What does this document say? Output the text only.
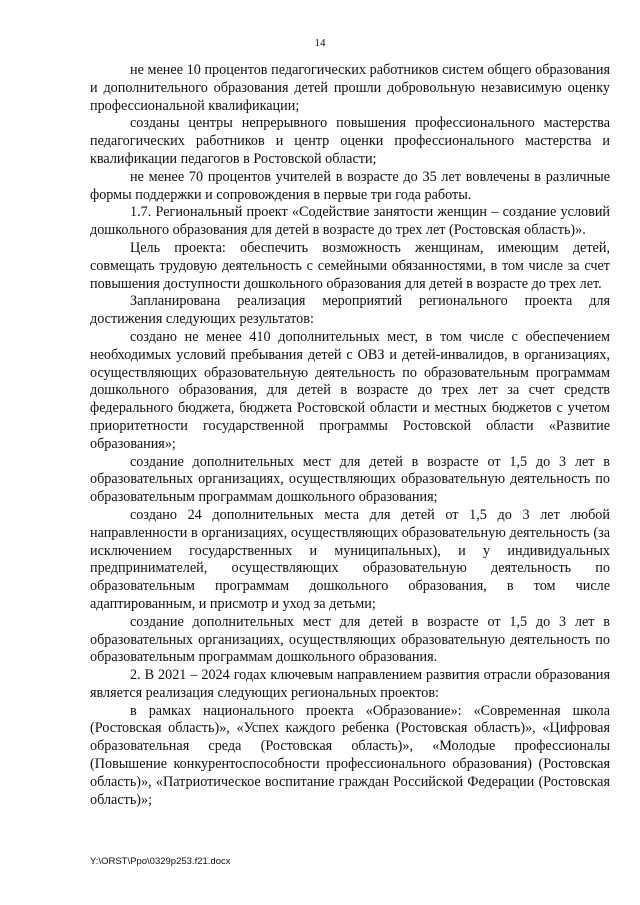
14

не менее 10 процентов педагогических работников систем общего образования и дополнительного образования детей прошли добровольную независимую оценку профессиональной квалификации;

созданы центры непрерывного повышения профессионального мастерства педагогических работников и центр оценки профессионального мастерства и квалификации педагогов в Ростовской области;

не менее 70 процентов учителей в возрасте до 35 лет вовлечены в различные формы поддержки и сопровождения в первые три года работы.

1.7. Региональный проект «Содействие занятости женщин – создание условий дошкольного образования для детей в возрасте до трех лет (Ростовская область)».

Цель проекта: обеспечить возможность женщинам, имеющим детей, совмещать трудовую деятельность с семейными обязанностями, в том числе за счет повышения доступности дошкольного образования для детей в возрасте до трех лет.

Запланирована реализация мероприятий регионального проекта для достижения следующих результатов:

создано не менее 410 дополнительных мест, в том числе с обеспечением необходимых условий пребывания детей с ОВЗ и детей-инвалидов, в организациях, осуществляющих образовательную деятельность по образовательным программам дошкольного образования, для детей в возрасте до трех лет за счет средств федерального бюджета, бюджета Ростовской области и местных бюджетов с учетом приоритетности государственной программы Ростовской области «Развитие образования»;

создание дополнительных мест для детей в возрасте от 1,5 до 3 лет в образовательных организациях, осуществляющих образовательную деятельность по образовательным программам дошкольного образования;

создано 24 дополнительных места для детей от 1,5 до 3 лет любой направленности в организациях, осуществляющих образовательную деятельность (за исключением государственных и муниципальных), и у индивидуальных предпринимателей, осуществляющих образовательную деятельность по образовательным программам дошкольного образования, в том числе адаптированным, и присмотр и уход за детьми;

создание дополнительных мест для детей в возрасте от 1,5 до 3 лет в образовательных организациях, осуществляющих образовательную деятельность по образовательным программам дошкольного образования.

2. В 2021 – 2024 годах ключевым направлением развития отрасли образования является реализация следующих региональных проектов:

в рамках национального проекта «Образование»: «Современная школа (Ростовская область)», «Успех каждого ребенка (Ростовская область)», «Цифровая образовательная среда (Ростовская область)», «Молодые профессионалы (Повышение конкурентоспособности профессионального образования) (Ростовская область)», «Патриотическое воспитание граждан Российской Федерации (Ростовская область)»;

Y:\ORST\Ppo\0329p253.f21.docx
